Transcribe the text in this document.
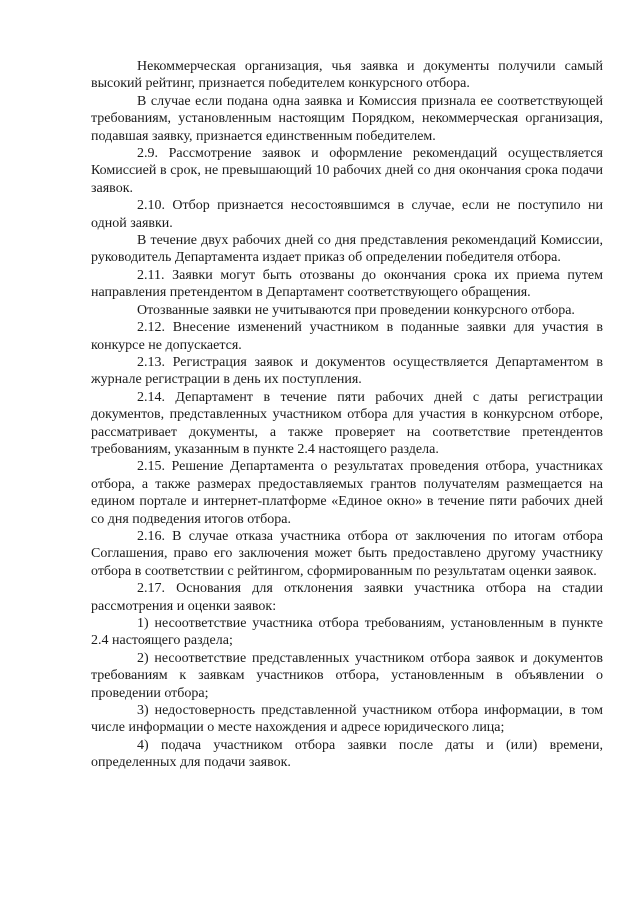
Некоммерческая организация, чья заявка и документы получили самый высокий рейтинг, признается победителем конкурсного отбора.

В случае если подана одна заявка и Комиссия признала ее соответствующей требованиям, установленным настоящим Порядком, некоммерческая организация, подавшая заявку, признается единственным победителем.

2.9. Рассмотрение заявок и оформление рекомендаций осуществляется Комиссией в срок, не превышающий 10 рабочих дней со дня окончания срока подачи заявок.

2.10. Отбор признается несостоявшимся в случае, если не поступило ни одной заявки.

В течение двух рабочих дней со дня представления рекомендаций Комиссии, руководитель Департамента издает приказ об определении победителя отбора.

2.11. Заявки могут быть отозваны до окончания срока их приема путем направления претендентом в Департамент соответствующего обращения.

Отозванные заявки не учитываются при проведении конкурсного отбора.

2.12. Внесение изменений участником в поданные заявки для участия в конкурсе не допускается.

2.13. Регистрация заявок и документов осуществляется Департаментом в журнале регистрации в день их поступления.

2.14. Департамент в течение пяти рабочих дней с даты регистрации документов, представленных участником отбора для участия в конкурсном отборе, рассматривает документы, а также проверяет на соответствие претендентов требованиям, указанным в пункте 2.4 настоящего раздела.

2.15. Решение Департамента о результатах проведения отбора, участниках отбора, а также размерах предоставляемых грантов получателям размещается на едином портале и интернет-платформе «Единое окно» в течение пяти рабочих дней со дня подведения итогов отбора.

2.16. В случае отказа участника отбора от заключения по итогам отбора Соглашения, право его заключения может быть предоставлено другому участнику отбора в соответствии с рейтингом, сформированным по результатам оценки заявок.

2.17. Основания для отклонения заявки участника отбора на стадии рассмотрения и оценки заявок:

1) несоответствие участника отбора требованиям, установленным в пункте 2.4 настоящего раздела;

2) несоответствие представленных участником отбора заявок и документов требованиям к заявкам участников отбора, установленным в объявлении о проведении отбора;

3) недостоверность представленной участником отбора информации, в том числе информации о месте нахождения и адресе юридического лица;

4) подача участником отбора заявки после даты и (или) времени, определенных для подачи заявок.
